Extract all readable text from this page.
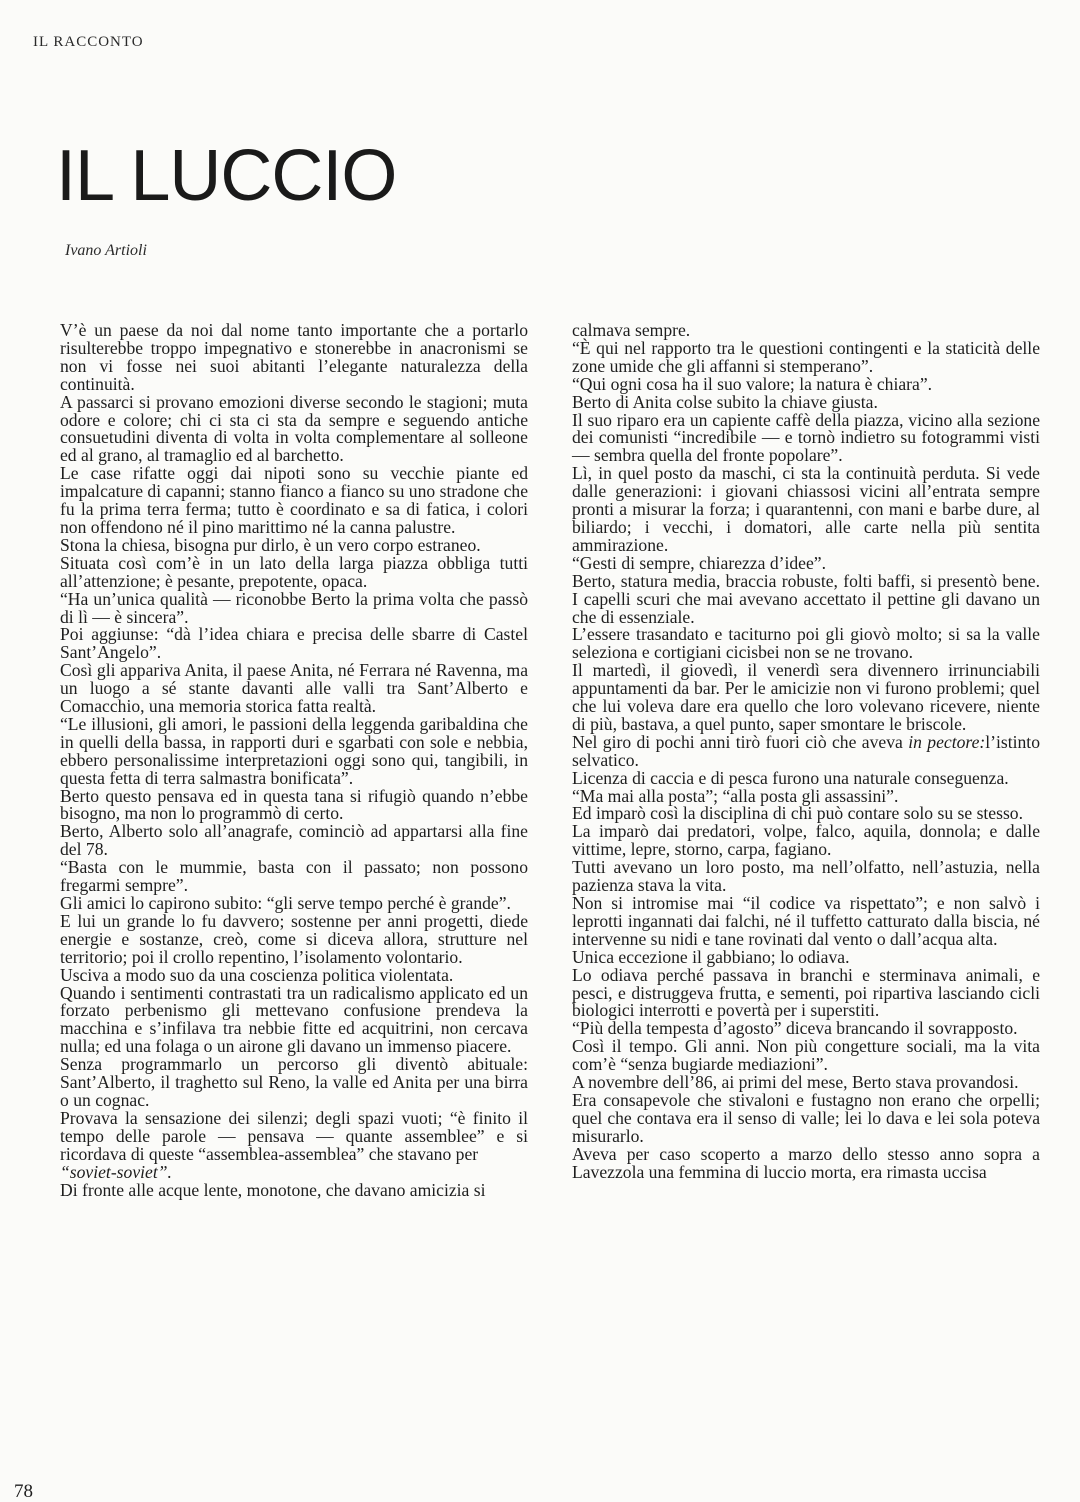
IL RACCONTO

IL LUCCIO

Ivano Artioli

V’è un paese da noi dal nome tanto importante che a portarlo risulterebbe troppo impegnativo e stonerebbe in anacronismi se non vi fosse nei suoi abitanti l’elegante naturalezza della continuità.

A passarci si provano emozioni diverse secondo le stagioni; muta odore e colore; chi ci sta ci sta da sempre e seguendo antiche consuetudini diventa di volta in volta complementare al solleone ed al grano, al tramaglio ed al barchetto.

Le case rifatte oggi dai nipoti sono su vecchie piante ed impalcature di capanni; stanno fianco a fianco su uno stradone che fu la prima terra ferma; tutto è coordinato e sa di fatica, i colori non offendono né il pino marittimo né la canna palustre.

Stona la chiesa, bisogna pur dirlo, è un vero corpo estraneo.

Situata così com’è in un lato della larga piazza obbliga tutti all’attenzione; è pesante, prepotente, opaca.

“Ha un’unica qualità — riconobbe Berto la prima volta che passò di lì — è sincera”.

Poi aggiunse: “dà l’idea chiara e precisa delle sbarre di Castel Sant’Angelo”.

Così gli appariva Anita, il paese Anita, né Ferrara né Ravenna, ma un luogo a sé stante davanti alle valli tra Sant’Alberto e Comacchio, una memoria storica fatta realtà.

“Le illusioni, gli amori, le passioni della leggenda garibaldina che in quelli della bassa, in rapporti duri e sgarbati con sole e nebbia, ebbero personalissime interpretazioni oggi sono qui, tangibili, in questa fetta di terra salmastra bonificata”.

Berto questo pensava ed in questa tana si rifugiò quando n’ebbe bisogno, ma non lo programmò di certo.

Berto, Alberto solo all’anagrafe, cominciò ad appartarsi alla fine del 78.

“Basta con le mummie, basta con il passato; non possono fregarmi sempre”.

Gli amici lo capirono subito: “gli serve tempo perché è grande”.

E lui un grande lo fu davvero; sostenne per anni progetti, diede energie e sostanze, creò, come si diceva allora, strutture nel territorio; poi il crollo repentino, l’isolamento volontario.

Usciva a modo suo da una coscienza politica violentata.

Quando i sentimenti contrastati tra un radicalismo applicato ed un forzato perbenismo gli mettevano confusione prendeva la macchina e s’infilava tra nebbie fitte ed acquitrini, non cercava nulla; ed una folaga o un airone gli davano un immenso piacere.

Senza programmarlo un percorso gli diventò abituale: Sant’Alberto, il traghetto sul Reno, la valle ed Anita per una birra o un cognac.

Provava la sensazione dei silenzi; degli spazi vuoti; “è finito il tempo delle parole — pensava — quante assemblee” e si ricordava di queste “assemblea-assemblea” che stavano per

“soviet-soviet”.

Di fronte alle acque lente, monotone, che davano amicizia si

calmava sempre.

“È qui nel rapporto tra le questioni contingenti e la staticità delle zone umide che gli affanni si stemperano”.

“Qui ogni cosa ha il suo valore; la natura è chiara”.

Berto di Anita colse subito la chiave giusta.

Il suo riparo era un capiente caffè della piazza, vicino alla sezione dei comunisti “incredibile — e tornò indietro su fotogrammi visti — sembra quella del fronte popolare”.

Lì, in quel posto da maschi, ci sta la continuità perduta. Si vede dalle generazioni: i giovani chiassosi vicini all’entrata sempre pronti a misurar la forza; i quarantenni, con mani e barbe dure, al biliardo; i vecchi, i domatori, alle carte nella più sentita ammirazione.

“Gesti di sempre, chiarezza d’idee”.

Berto, statura media, braccia robuste, folti baffi, si presentò bene. I capelli scuri che mai avevano accettato il pettine gli davano un che di essenziale.

L’essere trasandato e taciturno poi gli giovò molto; si sa la valle seleziona e cortigiani cicisbei non se ne trovano.

Il martedì, il giovedì, il venerdì sera divennero irrinunciabili appuntamenti da bar. Per le amicizie non vi furono problemi; quel che lui voleva dare era quello che loro volevano ricevere, niente di più, bastava, a quel punto, saper smontare le briscole.

Nel giro di pochi anni tirò fuori ciò che aveva in pectore:l’istinto selvatico.

Licenza di caccia e di pesca furono una naturale conseguenza.

“Ma mai alla posta”; “alla posta gli assassini”.

Ed imparò così la disciplina di chi può contare solo su se stesso.

La imparò dai predatori, volpe, falco, aquila, donnola; e dalle vittime, lepre, storno, carpa, fagiano.

Tutti avevano un loro posto, ma nell’olfatto, nell’astuzia, nella pazienza stava la vita.

Non si intromise mai “il codice va rispettato”; e non salvò i leprotti ingannati dai falchi, né il tuffetto catturato dalla biscia, né intervenne su nidi e tane rovinati dal vento o dall’acqua alta.

Unica eccezione il gabbiano; lo odiava.

Lo odiava perché passava in branchi e sterminava animali, e pesci, e distruggeva frutta, e sementi, poi ripartiva lasciando cicli biologici interrotti e povertà per i superstiti.

“Più della tempesta d’agosto” diceva brancando il sovrapposto.

Così il tempo. Gli anni. Non più congetture sociali, ma la vita com’è “senza bugiarde mediazioni”.

A novembre dell’86, ai primi del mese, Berto stava provandosi.

Era consapevole che stivaloni e fustagno non erano che orpelli; quel che contava era il senso di valle; lei lo dava e lei sola poteva misurarlo.

Aveva per caso scoperto a marzo dello stesso anno sopra a Lavezzola una femmina di luccio morta, era rimasta uccisa

78
